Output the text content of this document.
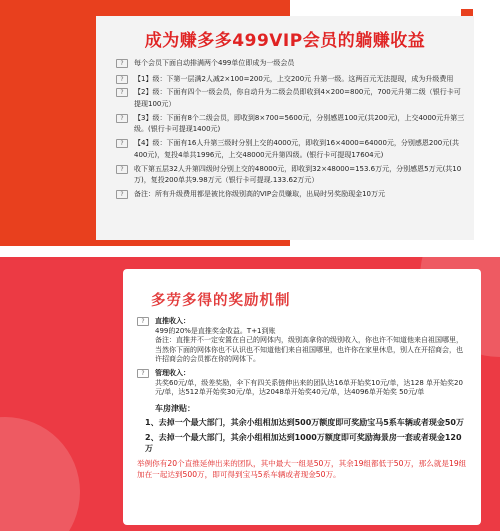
成为赚多多499VIP会员的躺赚收益
?	每个会员下面自动排满两个499单位即成为一级会员
?	【1】级：下第一层满2人减2×100=200元，上交200元 升第一级。这两百元无法提现，成为升级费用
?	【2】级：下面有四个一级会员，你自动升为二级会员即收到4×200=800元，700元升第二级（银行卡可提现100元）
?	【3】级：下面有8个二级会员，即收到8×700=5600元，分别感恩100元(共200元)，上交4000元升第三级。(银行卡可提现1400元)
?	【4】级：下面有16人升第三级时分别上交的4000元，即收到16×4000=64000元，分别感恩200元(共400元)，复投4单共1996元，上交48000元升第四级。(银行卡可提现17604元)
?	收下第五层32人升第四级时分别上交的48000元，即收到32×48000=153.6万元，分别感恩5万元(共10万)，复投200单共9.98万元（银行卡可提现.133.62万元）
?	备注：所有升级费用都是被比你级别高的VIP会员赚取，出局时另奖励现金10万元
多劳多得的奖励机制
?	直推收入：
499的20%是直推奖金收益。T+1到账
备注：直推并不一定安置在自己的网体内，级别高拿你的级别收入，你也许不知道他来自祖国哪里，当然你下面的网体你也不认识也不知道他们来自祖国哪里，也许你在家里休息，别人在开招商会，也许招商会的会员都在你的网体下。
?	管理收入：
共奖60元/单，级差奖励，伞下有四关系链伸出来的团队达16单开始奖10元/单，达128 单开始奖20元/单，达512单开始奖30元/单，达2048单开始奖40元/单，达4096单开始奖 50元/单
车房津贴：
1、去掉一个最大部门，其余小组相加达到500万额度即可奖励宝马5系车辆或者现金50万
2、去掉一个最大部门，其余小组相加达到1000万额度即可奖励海景房一套或者现金120万
举例你有20个直推延伸出来的团队，其中最大一组是50万，其余19组都低于50万，那么就是19组加在一起达到500万，即可得到宝马5系车辆或者现金50万。
